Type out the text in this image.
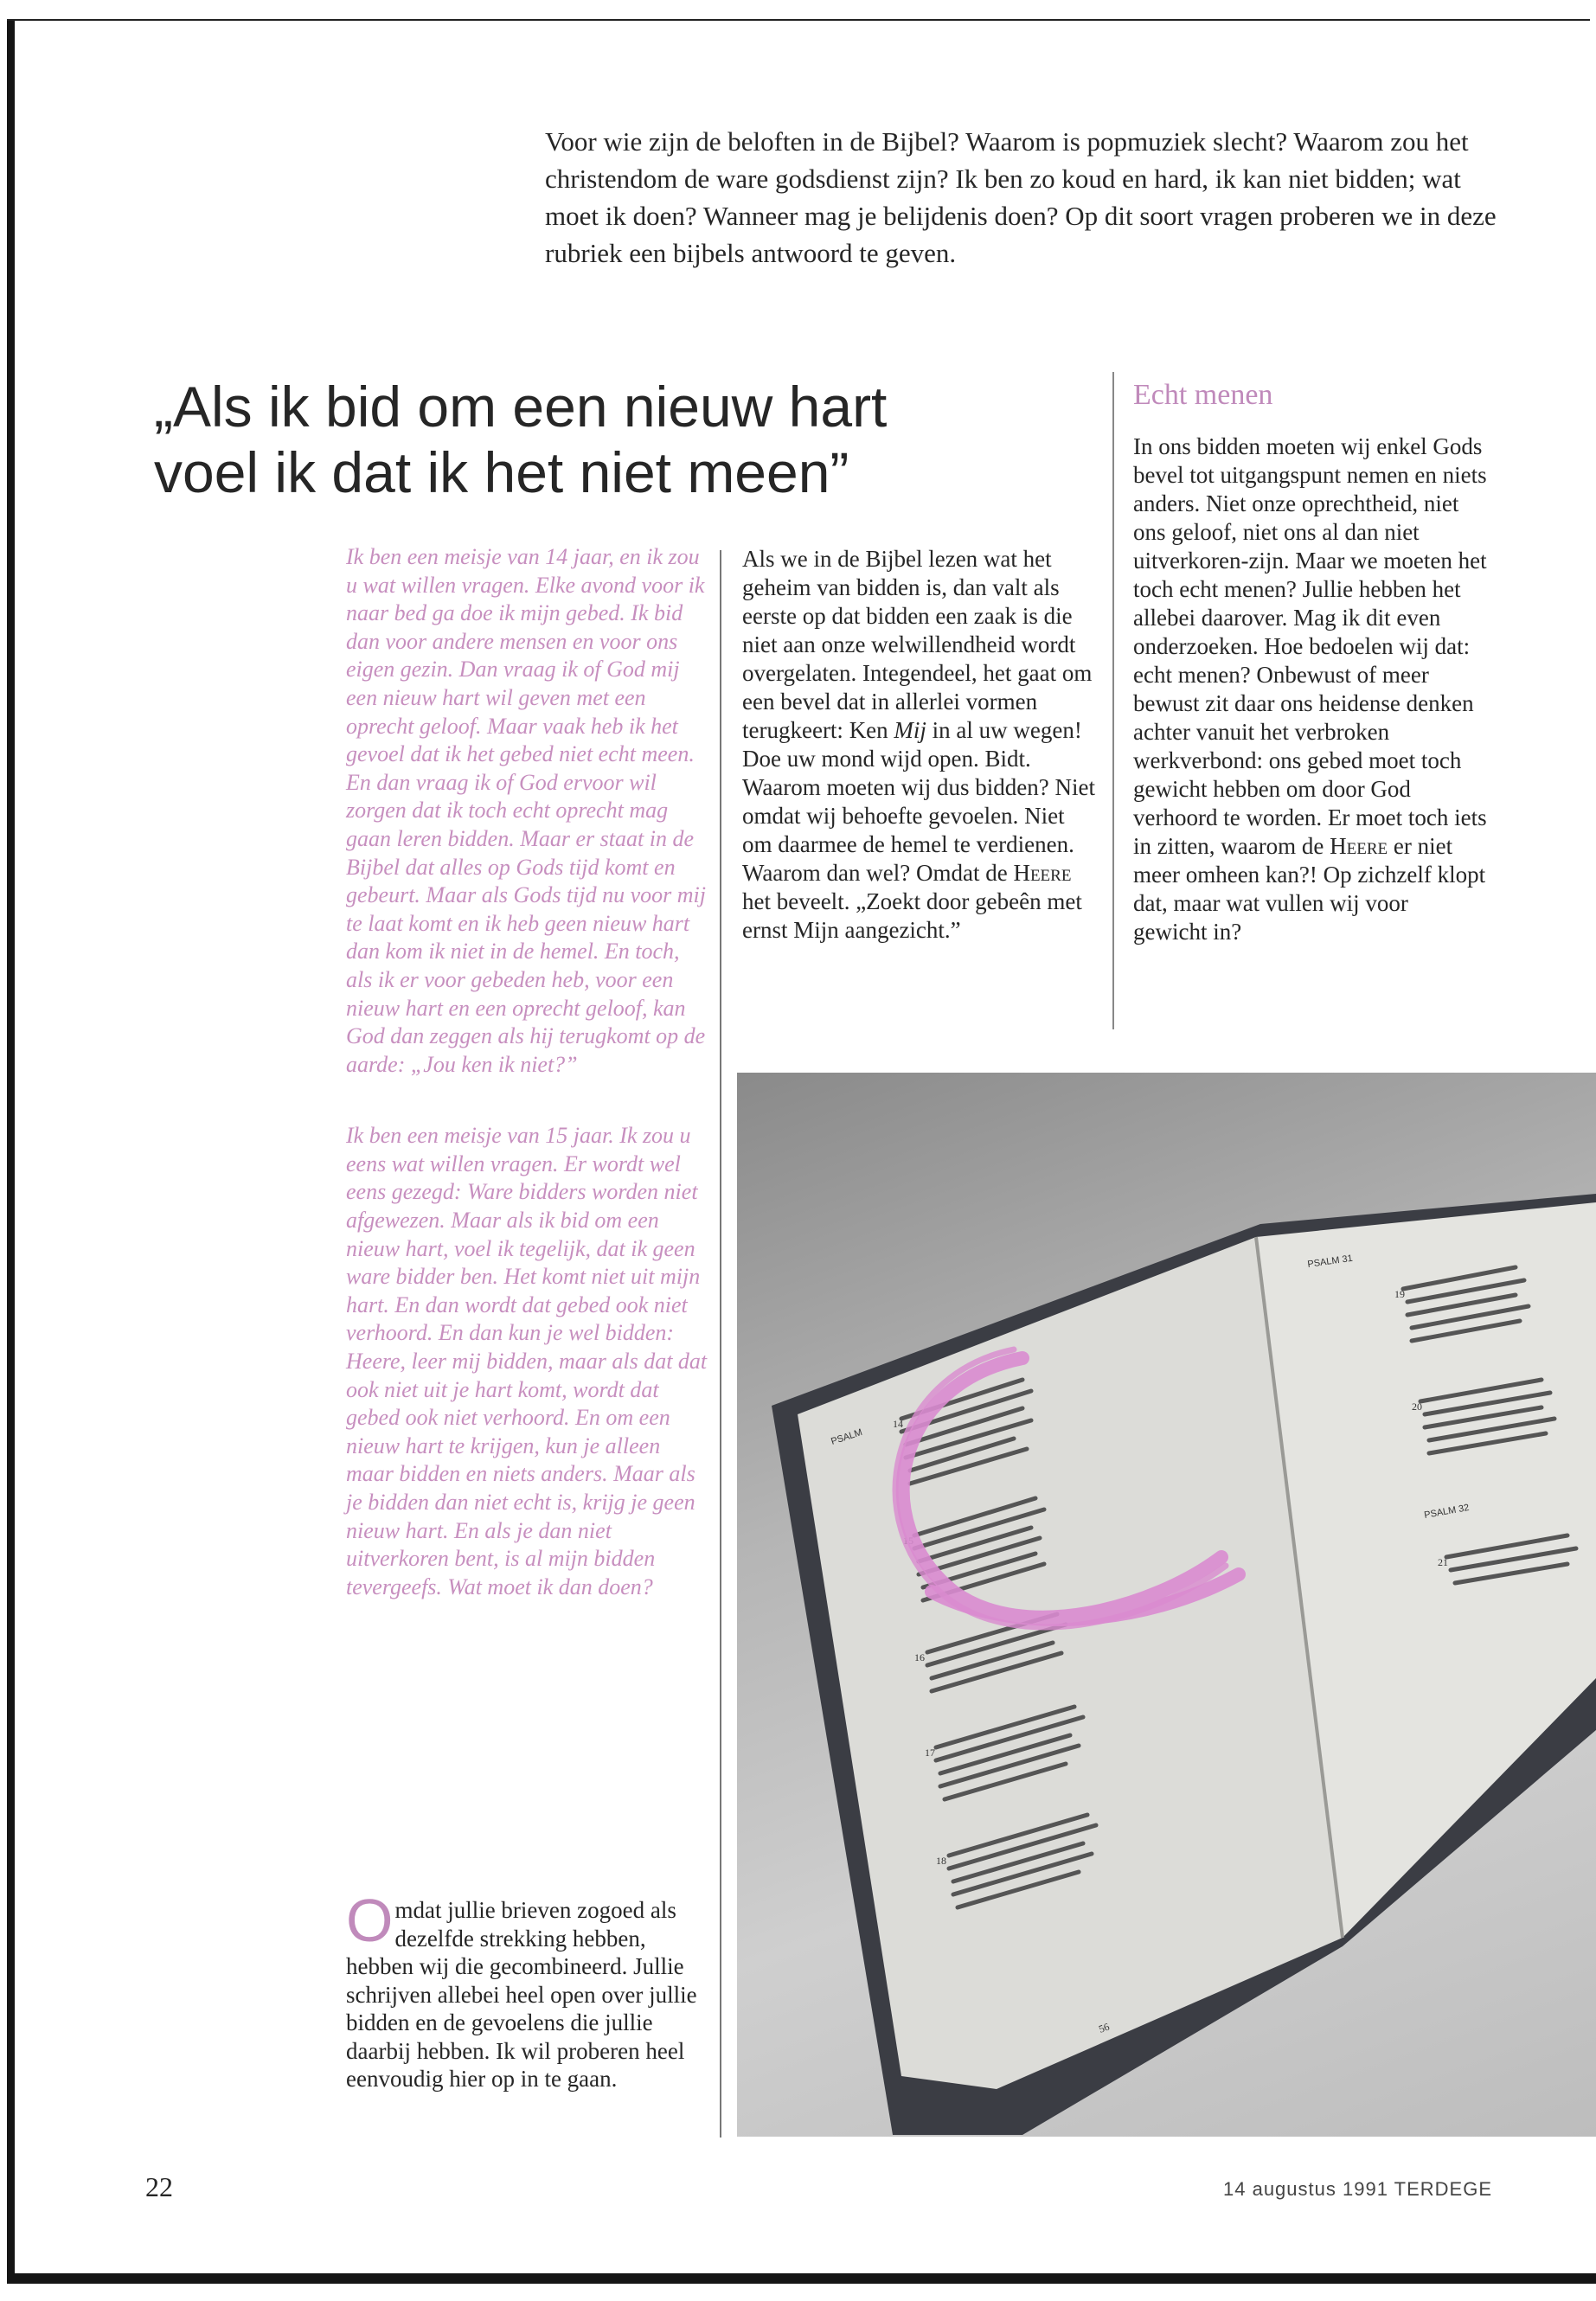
Voor wie zijn de beloften in de Bijbel? Waarom is popmuziek slecht? Waarom zou het christendom de ware godsdienst zijn? Ik ben zo koud en hard, ik kan niet bidden; wat moet ik doen? Wanneer mag je belijdenis doen? Op dit soort vragen proberen we in deze rubriek een bijbels antwoord te geven.
„Als ik bid om een nieuw hart
voel ik dat ik het niet meen”

Ik ben een meisje van 14 jaar, en ik zou u wat willen vragen. Elke avond voor ik naar bed ga doe ik mijn gebed. Ik bid dan voor andere mensen en voor ons eigen gezin. Dan vraag ik of God mij een nieuw hart wil geven met een oprecht geloof. Maar vaak heb ik het gevoel dat ik het gebed niet echt meen. En dan vraag ik of God ervoor wil zorgen dat ik toch echt oprecht mag gaan leren bidden. Maar er staat in de Bijbel dat alles op Gods tijd komt en gebeurt. Maar als Gods tijd nu voor mij te laat komt en ik heb geen nieuw hart dan kom ik niet in de hemel. En toch, als ik er voor gebeden heb, voor een nieuw hart en een oprecht geloof, kan God dan zeggen als hij terugkomt op de aarde: „Jou ken ik niet?”

Ik ben een meisje van 15 jaar. Ik zou u eens wat willen vragen. Er wordt wel eens gezegd: Ware bidders worden niet afgewezen. Maar als ik bid om een nieuw hart, voel ik tegelijk, dat ik geen ware bidder ben. Het komt niet uit mijn hart. En dan wordt dat gebed ook niet verhoord. En dan kun je wel bidden: Heere, leer mij bidden, maar als dat dat ook niet uit je hart komt, wordt dat gebed ook niet verhoord. En om een nieuw hart te krijgen, kun je alleen maar bidden en niets anders. Maar als je bidden dan niet echt is, krijg je geen nieuw hart. En als je dan niet uitverkoren bent, is al mijn bidden tevergeefs. Wat moet ik dan doen?

Omdat jullie brieven zogoed als dezelfde strekking hebben, hebben wij die gecombineerd. Jullie schrijven allebei heel open over jullie bidden en de gevoelens die jullie daarbij hebben. Ik wil proberen heel eenvoudig hier op in te gaan.

Als we in de Bijbel lezen wat het geheim van bidden is, dan valt als eerste op dat bidden een zaak is die niet aan onze welwillendheid wordt overgelaten. Integendeel, het gaat om een bevel dat in allerlei vormen terugkeert: Ken Mij in al uw wegen! Doe uw mond wijd open. Bidt.

Waarom moeten wij dus bidden? Niet omdat wij behoefte gevoelen. Niet om daarmee de hemel te verdienen. Waarom dan wel? Omdat de Heere het beveelt. „Zoekt door gebeên met ernst Mijn aangezicht.”

Echt menen
In ons bidden moeten wij enkel Gods bevel tot uitgangspunt nemen en niets anders. Niet onze oprechtheid, niet ons geloof, niet ons al dan niet uitverkoren-zijn. Maar we moeten het toch echt menen? Jullie hebben het allebei daarover. Mag ik dit even onderzoeken. Hoe bedoelen wij dat: echt menen? Onbewust of meer bewust zit daar ons heidense denken achter vanuit het verbroken werkverbond: ons gebed moet toch gewicht hebben om door God verhoord te worden. Er moet toch iets in zitten, waarom de Heere er niet meer omheen kan?! Op zichzelf klopt dat, maar wat vullen wij voor gewicht in?
PSALM
PSALM 31
PSALM 32
14
15
16
17
18
19
20
21
56
22	14 augustus 1991 TERDEGE
